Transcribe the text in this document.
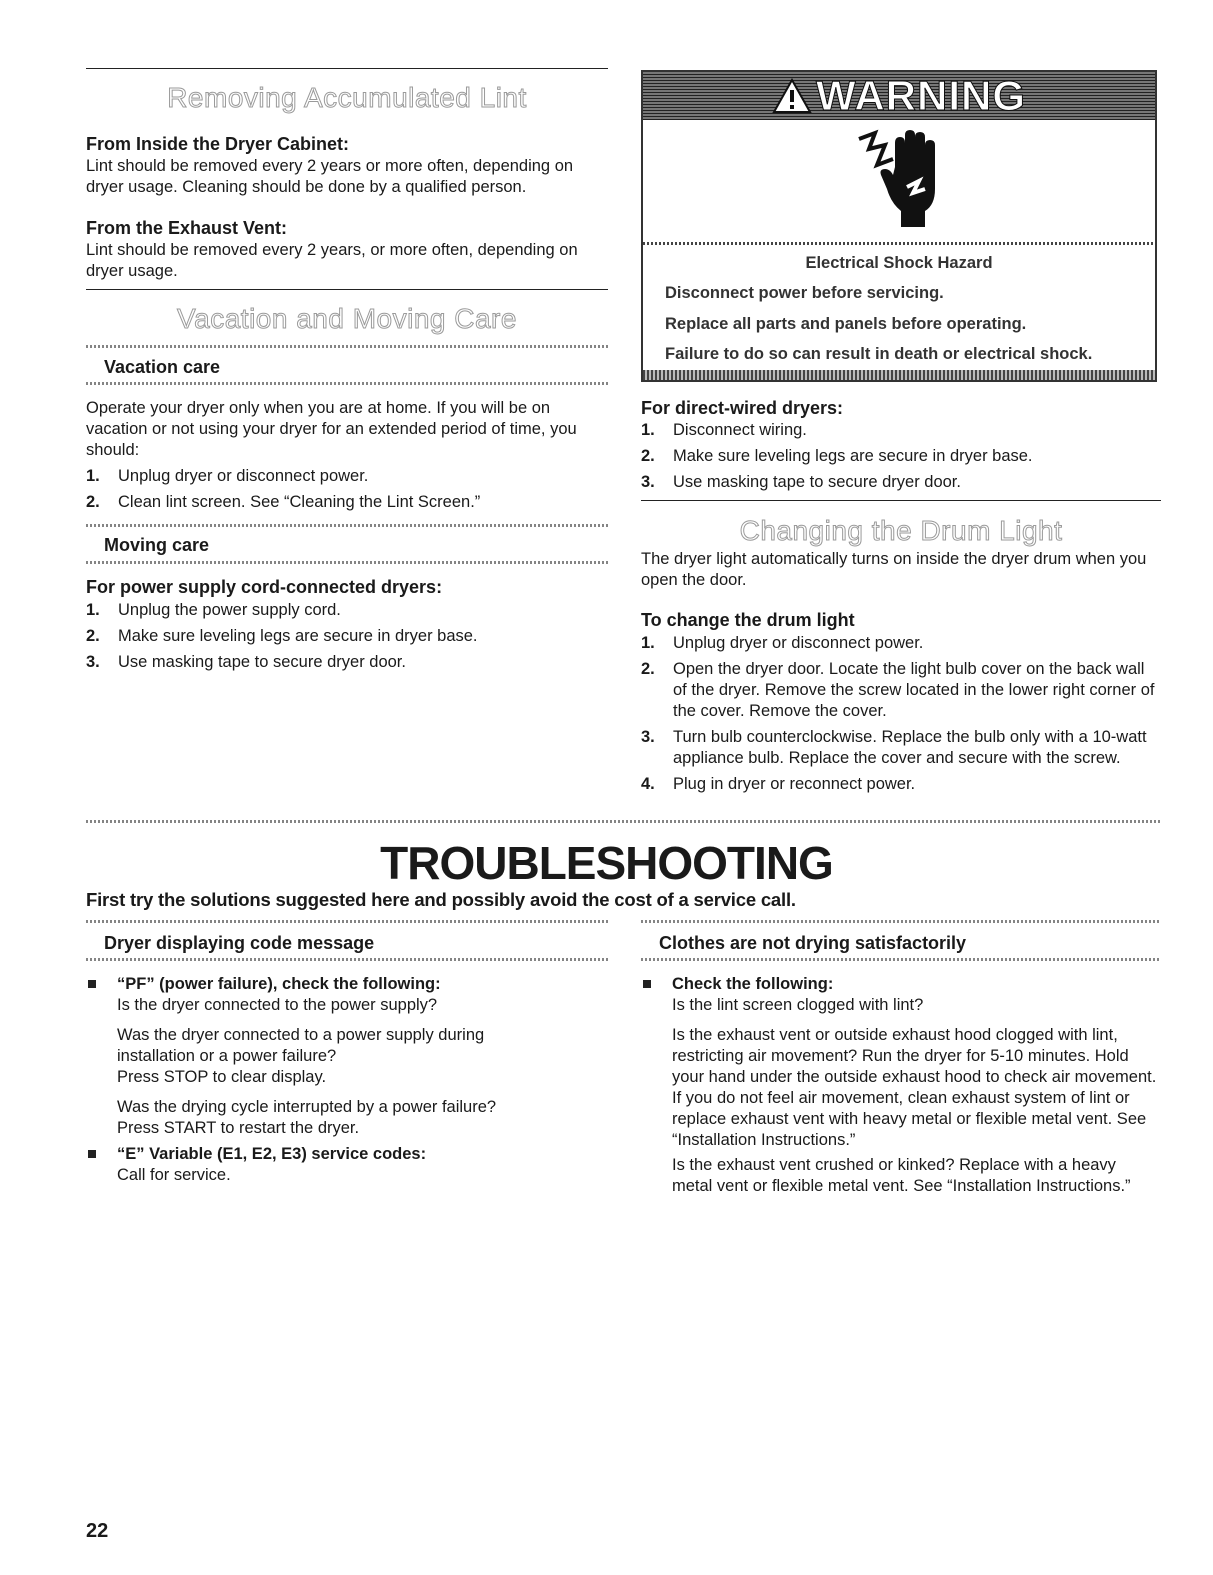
Removing Accumulated Lint
From Inside the Dryer Cabinet:
Lint should be removed every 2 years or more often, depending on dryer usage. Cleaning should be done by a qualified person.
From the Exhaust Vent:
Lint should be removed every 2 years, or more often, depending on dryer usage.
Vacation and Moving Care
Vacation care
Operate your dryer only when you are at home. If you will be on vacation or not using your dryer for an extended period of time, you should:
1. Unplug dryer or disconnect power.
2. Clean lint screen. See “Cleaning the Lint Screen.”
Moving care
For power supply cord-connected dryers:
1. Unplug the power supply cord.
2. Make sure leveling legs are secure in dryer base.
3. Use masking tape to secure dryer door.
WARNING
Electrical Shock Hazard
Disconnect power before servicing.
Replace all parts and panels before operating.
Failure to do so can result in death or electrical shock.
For direct-wired dryers:
1. Disconnect wiring.
2. Make sure leveling legs are secure in dryer base.
3. Use masking tape to secure dryer door.
Changing the Drum Light
The dryer light automatically turns on inside the dryer drum when you open the door.
To change the drum light
1. Unplug dryer or disconnect power.
2. Open the dryer door. Locate the light bulb cover on the back wall of the dryer. Remove the screw located in the lower right corner of the cover. Remove the cover.
3. Turn bulb counterclockwise. Replace the bulb only with a 10-watt appliance bulb. Replace the cover and secure with the screw.
4. Plug in dryer or reconnect power.
TROUBLESHOOTING
First try the solutions suggested here and possibly avoid the cost of a service call.
Dryer displaying code message
“PF” (power failure), check the following:
Is the dryer connected to the power supply?
Was the dryer connected to a power supply during installation or a power failure?
Press STOP to clear display.
Was the drying cycle interrupted by a power failure?
Press START to restart the dryer.
“E” Variable (E1, E2, E3) service codes:
Call for service.
Clothes are not drying satisfactorily
Check the following:
Is the lint screen clogged with lint?
Is the exhaust vent or outside exhaust hood clogged with lint, restricting air movement? Run the dryer for 5-10 minutes. Hold your hand under the outside exhaust hood to check air movement. If you do not feel air movement, clean exhaust system of lint or replace exhaust vent with heavy metal or flexible metal vent. See “Installation Instructions.”
Is the exhaust vent crushed or kinked? Replace with a heavy metal vent or flexible metal vent. See “Installation Instructions.”
22
